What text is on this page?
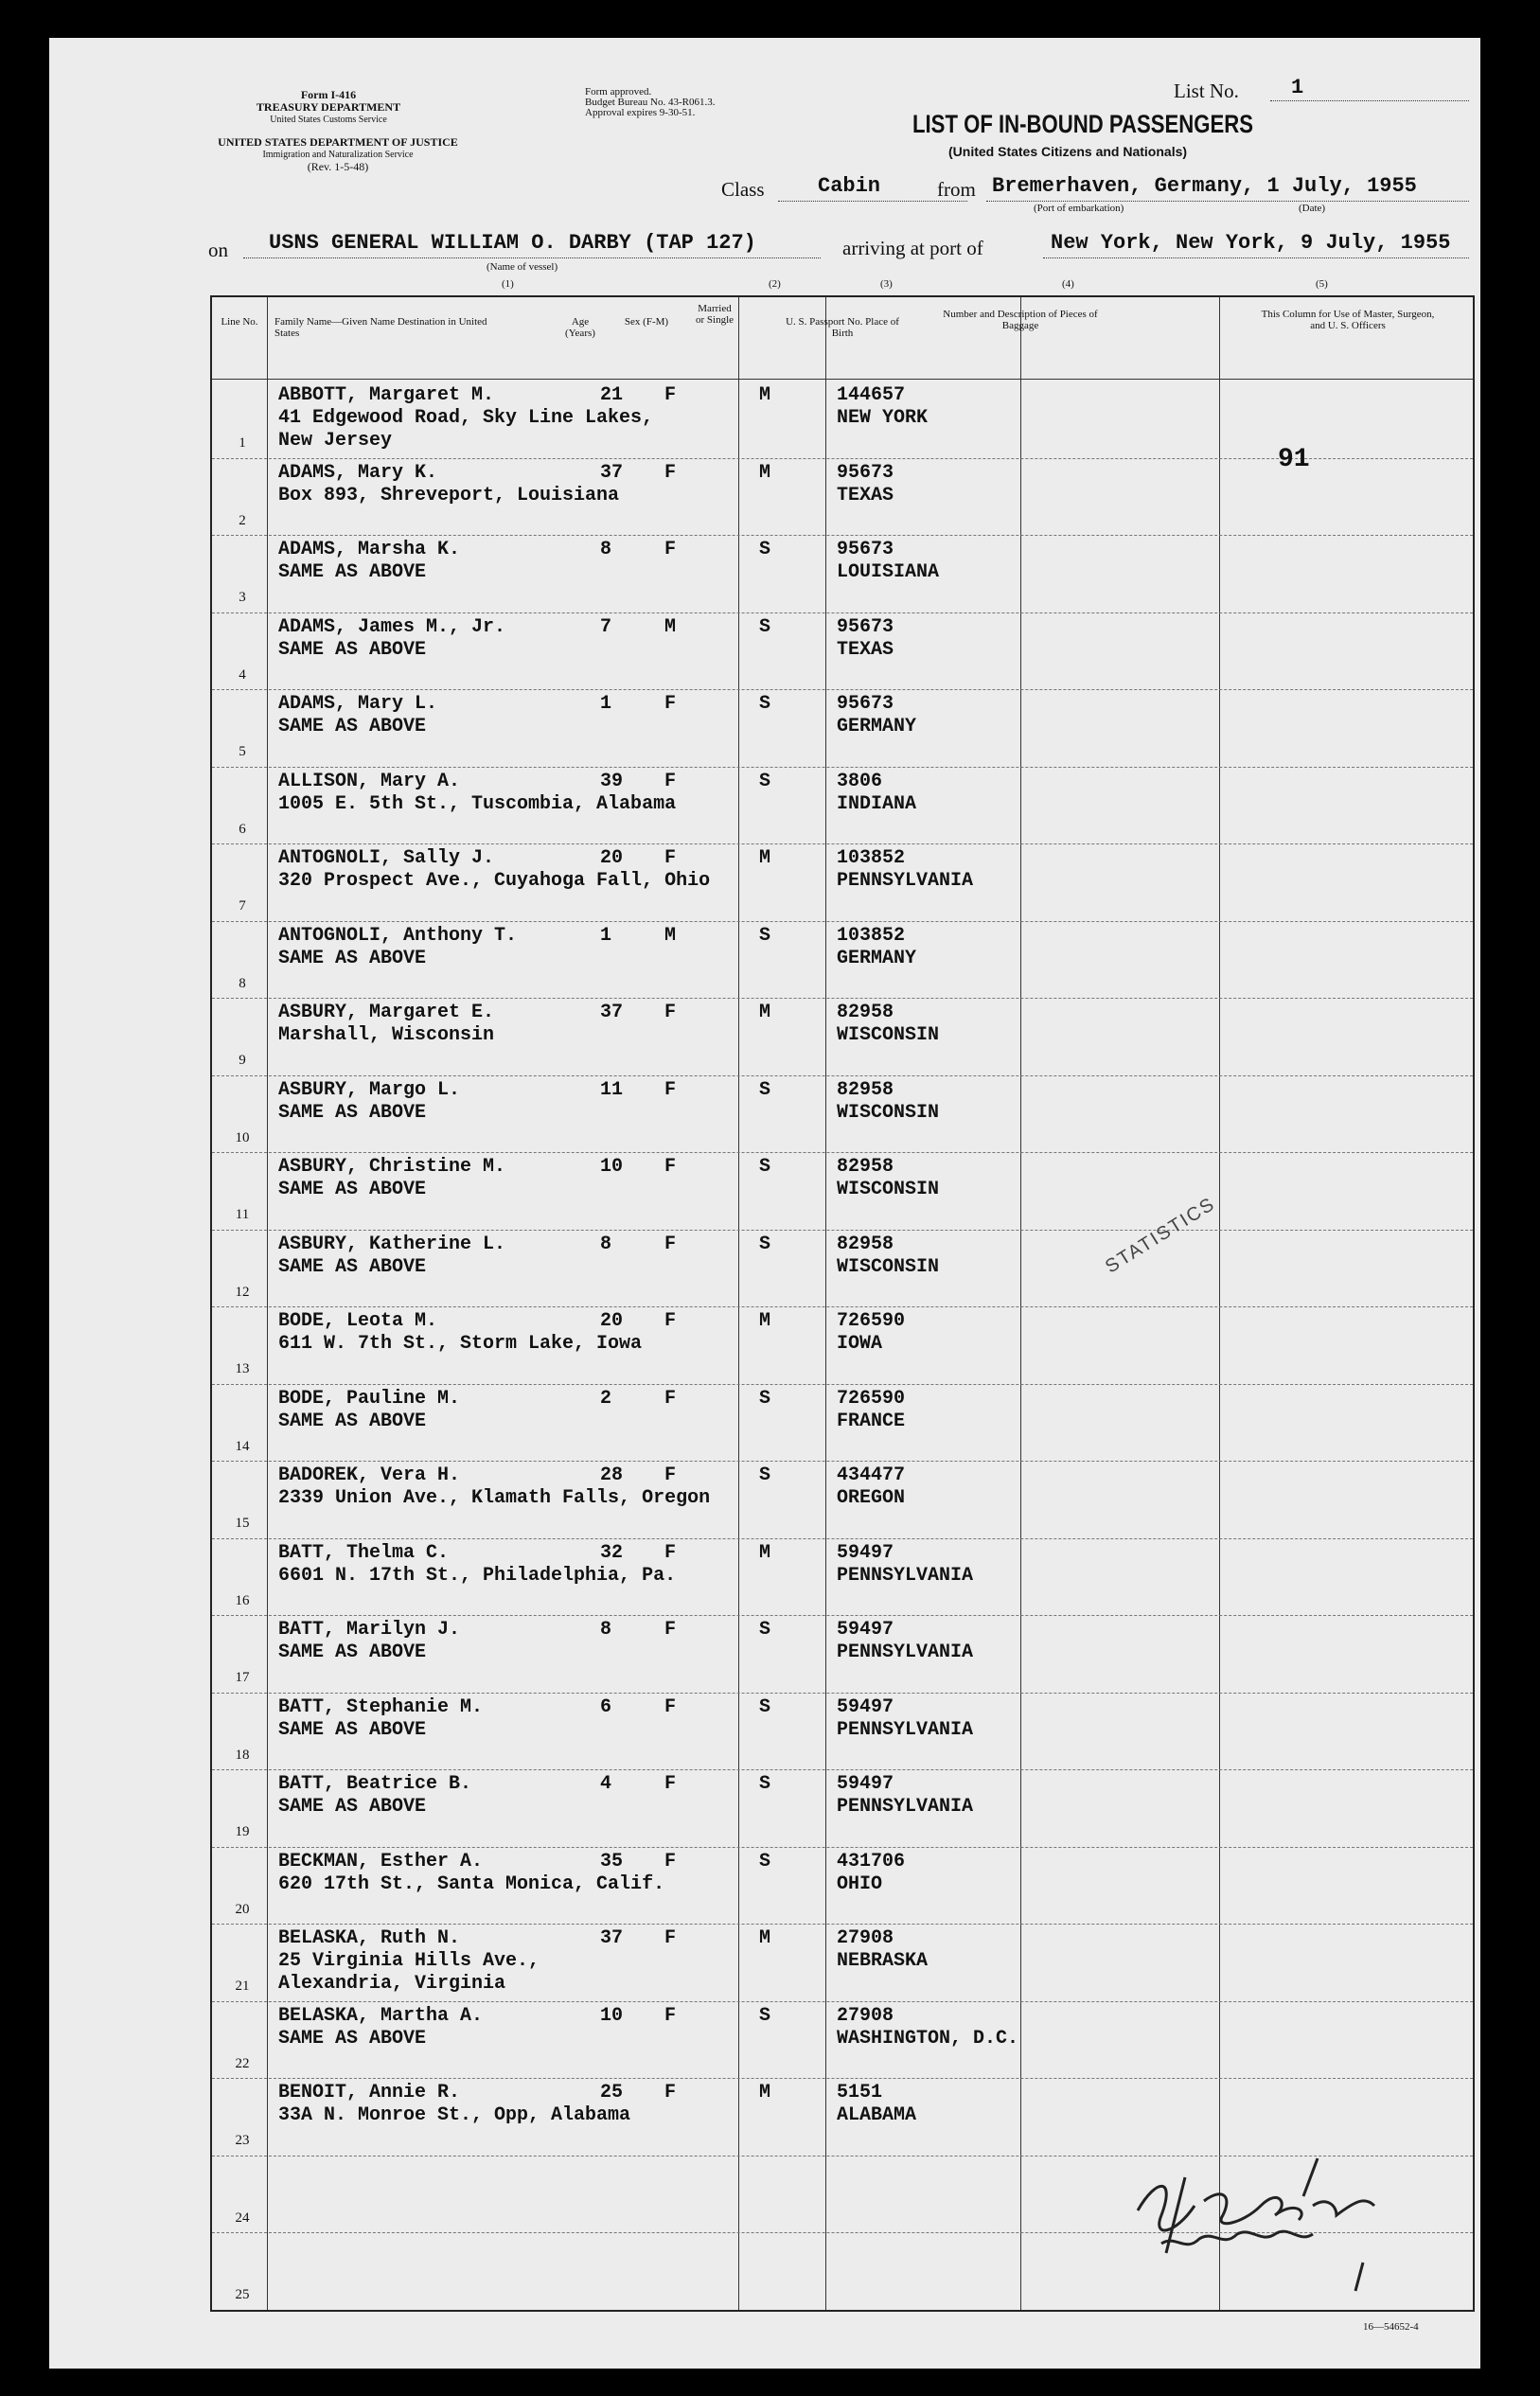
Form I-416
TREASURY DEPARTMENT
United States Customs Service
UNITED STATES DEPARTMENT OF JUSTICE
Immigration and Naturalization Service
(Rev. 1-5-48)
Form approved.
Budget Bureau No. 43-R061.3.
Approval expires 9-30-51.
List No.	1
LIST OF IN-BOUND PASSENGERS
(United States Citizens and Nationals)
Class	Cabin	from Bremerhaven, Germany, 1 July, 1955
(Port of embarkation)	(Date)
on USNS GENERAL WILLIAM O. DARBY (TAP 127)
(Name of vessel)
arriving at port of	New York, New York, 9 July, 1955
(1)	(2)	(3)	(4)	(5)
Line No.	Family Name—Given Name Destination in United States
Age (Years)
Sex (F-M)
Married or Single	U. S. Passport No. Place of Birth
Number and Description of Pieces of Baggage
This Column for Use of Master, Surgeon, and U. S. Officers
1
ABBOTT, Margaret M.
41 Edgewood Road, Sky Line Lakes,
New Jersey
21 F	M	144657
NEW YORK
2
ADAMS, Mary K.
Box 893, Shreveport, Louisiana
37 F	M	95673
TEXAS
3
ADAMS, Marsha K.
SAME AS ABOVE
8	F	S	95673
LOUISIANA
4
ADAMS, James M., Jr.
SAME AS ABOVE
7	M	S	95673
TEXAS
5
ADAMS, Mary L.
SAME AS ABOVE
1	F	S	95673
GERMANY
6
ALLISON, Mary A.
1005 E. 5th St., Tuscombia, Alabama
39 F	S	3806
INDIANA
7
ANTOGNOLI, Sally J.
320 Prospect Ave., Cuyahoga Fall, Ohio
20 F	M	103852
PENNSYLVANIA
8
ANTOGNOLI, Anthony T.
SAME AS ABOVE
1	M	S	103852
GERMANY
9
ASBURY, Margaret E.
Marshall, Wisconsin
37 F	M	82958
WISCONSIN
10
ASBURY, Margo L.
SAME AS ABOVE
11 F	S	82958
WISCONSIN
11
ASBURY, Christine M.
SAME AS ABOVE
10 F	S	82958
WISCONSIN
12
ASBURY, Katherine L.
SAME AS ABOVE
8	F	S	82958
WISCONSIN
13
BODE, Leota M.
611 W. 7th St., Storm Lake, Iowa
20 F	M	726590
IOWA
14
BODE, Pauline M.
SAME AS ABOVE
2	F	S	726590
FRANCE
15
BADOREK, Vera H.
2339 Union Ave., Klamath Falls, Oregon
28 F	S	434477
OREGON
16
BATT, Thelma C.
6601 N. 17th St., Philadelphia, Pa.
32 F	M	59497
PENNSYLVANIA
17
BATT, Marilyn J.
SAME AS ABOVE
8	F	S	59497
PENNSYLVANIA
18
BATT, Stephanie M.
SAME AS ABOVE
6	F	S	59497
PENNSYLVANIA
19
BATT, Beatrice B.
SAME AS ABOVE
4	F	S	59497
PENNSYLVANIA
20
BECKMAN, Esther A.
620 17th St., Santa Monica, Calif.
35 F	S	431706
OHIO
21
BELASKA, Ruth N.
25 Virginia Hills Ave.,
Alexandria, Virginia
37 F	M	27908
NEBRASKA
22
BELASKA, Martha A.
SAME AS ABOVE
10 F	S	27908
WASHINGTON, D.C.
23
BENOIT, Annie R.
33A N. Monroe St., Opp, Alabama
25 F	M	5151
ALABAMA
24
25
91
STATISTICS
16—54652-4
